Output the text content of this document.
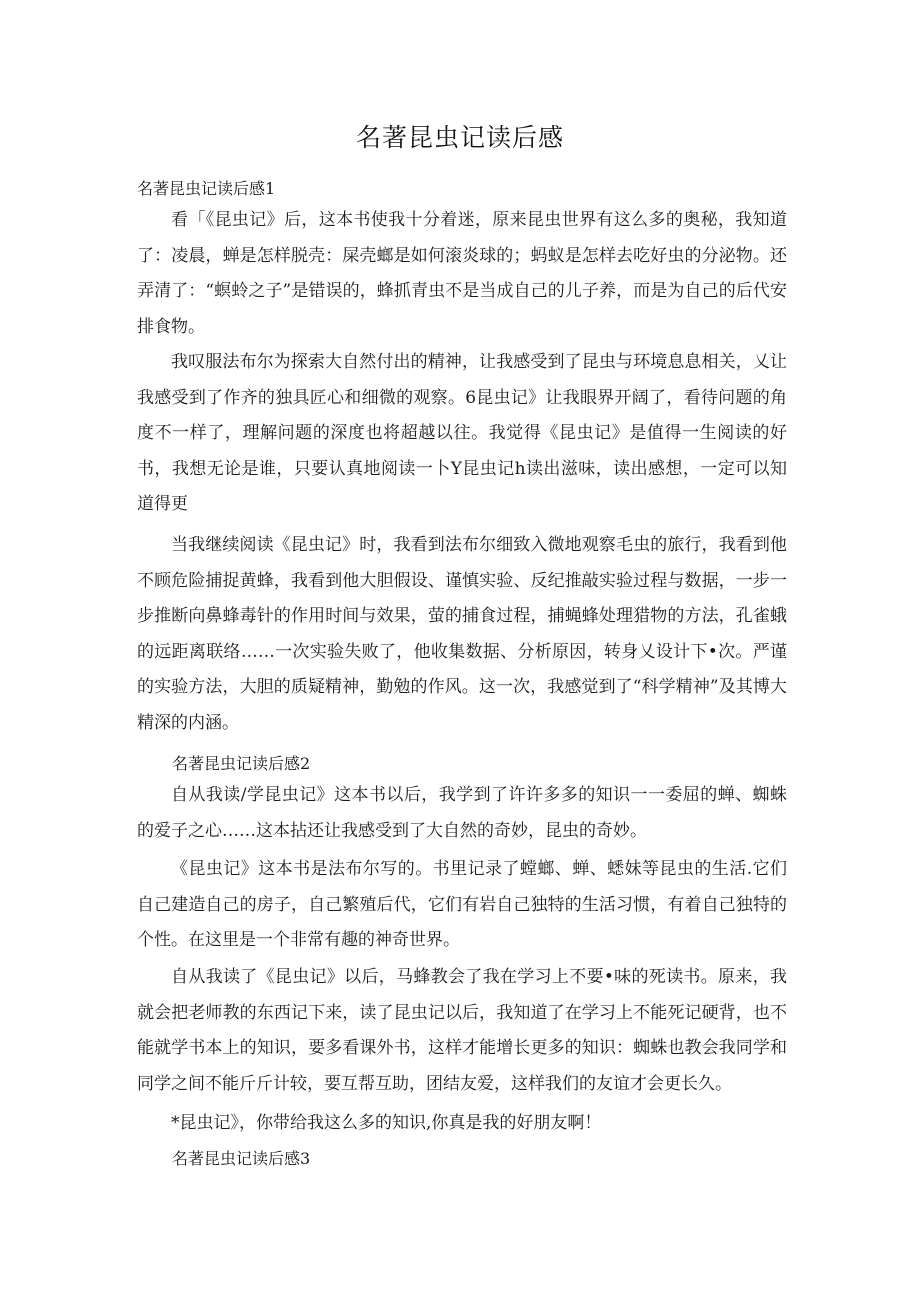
名著昆虫记读后感
名著昆虫记读后感1
看「《昆虫记》后，这本书使我十分着迷，原来昆虫世界有这么多的奥秘，我知道了：凌晨，蝉是怎样脱壳：屎壳螂是如何滚炎球的；蚂蚁是怎样去吃好虫的分泌物。还弄清了：“螟蛉之子”是错误的，蜂抓青虫不是当成自己的儿子养，而是为自己的后代安排食物。
我叹服法布尔为探索大自然付出的精神，让我感受到了昆虫与环境息息相关，乂让我感受到了作齐的独具匠心和细微的观察。6昆虫记》让我眼界开阔了，看待问题的角度不一样了，理解问题的深度也将超越以往。我觉得《昆虫记》是值得一生阅读的好书，我想无论是谁，只要认真地阅读一卜Y昆虫记h读出滋味，读出感想，一定可以知道得更
当我继续阅读《昆虫记》时，我看到法布尔细致入微地观察毛虫的旅行，我看到他不顾危险捕捉黄蜂，我看到他大胆假设、谨慎实验、反纪推敲实验过程与数据，一步一步推断向鼻蜂毒针的作用时间与效果，萤的捕食过程，捕蝇蜂处理猎物的方法，孔雀蛾的远距离联络……一次实验失败了，他收集数据、分析原因，转身乂设计下•次。严谨的实验方法，大胆的质疑精神，勤勉的作风。这一次，我感觉到了“科学精神”及其博大精深的内涵。
名著昆虫记读后感2
自从我读/学昆虫记》这本书以后，我学到了许许多多的知识一一委屈的蝉、蜘蛛的爱子之心……这本拈还让我感受到了大自然的奇妙，昆虫的奇妙。
《昆虫记》这本书是法布尔写的。书里记录了螳螂、蝉、蟋妹等昆虫的生活.它们自己建造自己的房子，自己繁殖后代，它们有岩自己独特的生活习惯，有着自己独特的个性。在这里是一个非常有趣的神奇世界。
自从我读了《昆虫记》以后，马蜂教会了我在学习上不要•味的死读书。原来，我就会把老师教的东西记下来，读了昆虫记以后，我知道了在学习上不能死记硬背，也不能就学书本上的知识，要多看课外书，这样才能增长更多的知识：蜘蛛也教会我同学和同学之间不能斤斤计较，要互帮互助，团结友爱，这样我们的友谊才会更长久。
*昆虫记》，你带给我这么多的知识,你真是我的好朋友啊！
名著昆虫记读后感3
